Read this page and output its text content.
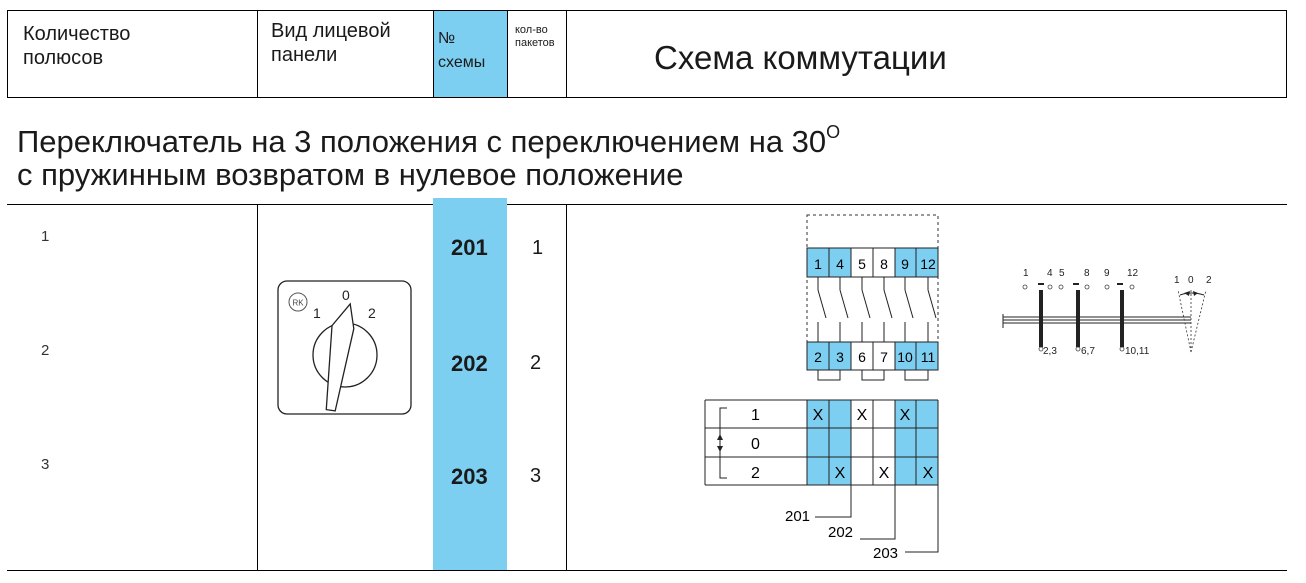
Количество полюсов
Вид лицевой панели
№ схемы
кол-во пакетов	Схема коммутации
Переключатель на 3 положения с переключением на $30^O$
с пружинным возвратом в нулевое положение
1
2
3
201
202
203
1
2
3
RK
1
0
2
1 4 5 8 9 12
2 3 6 7 10 11
1
0
2
X X X
X X X
201
202
203
1 4 5 8 9 12
2,3 6,7	10,11
1 0 2
